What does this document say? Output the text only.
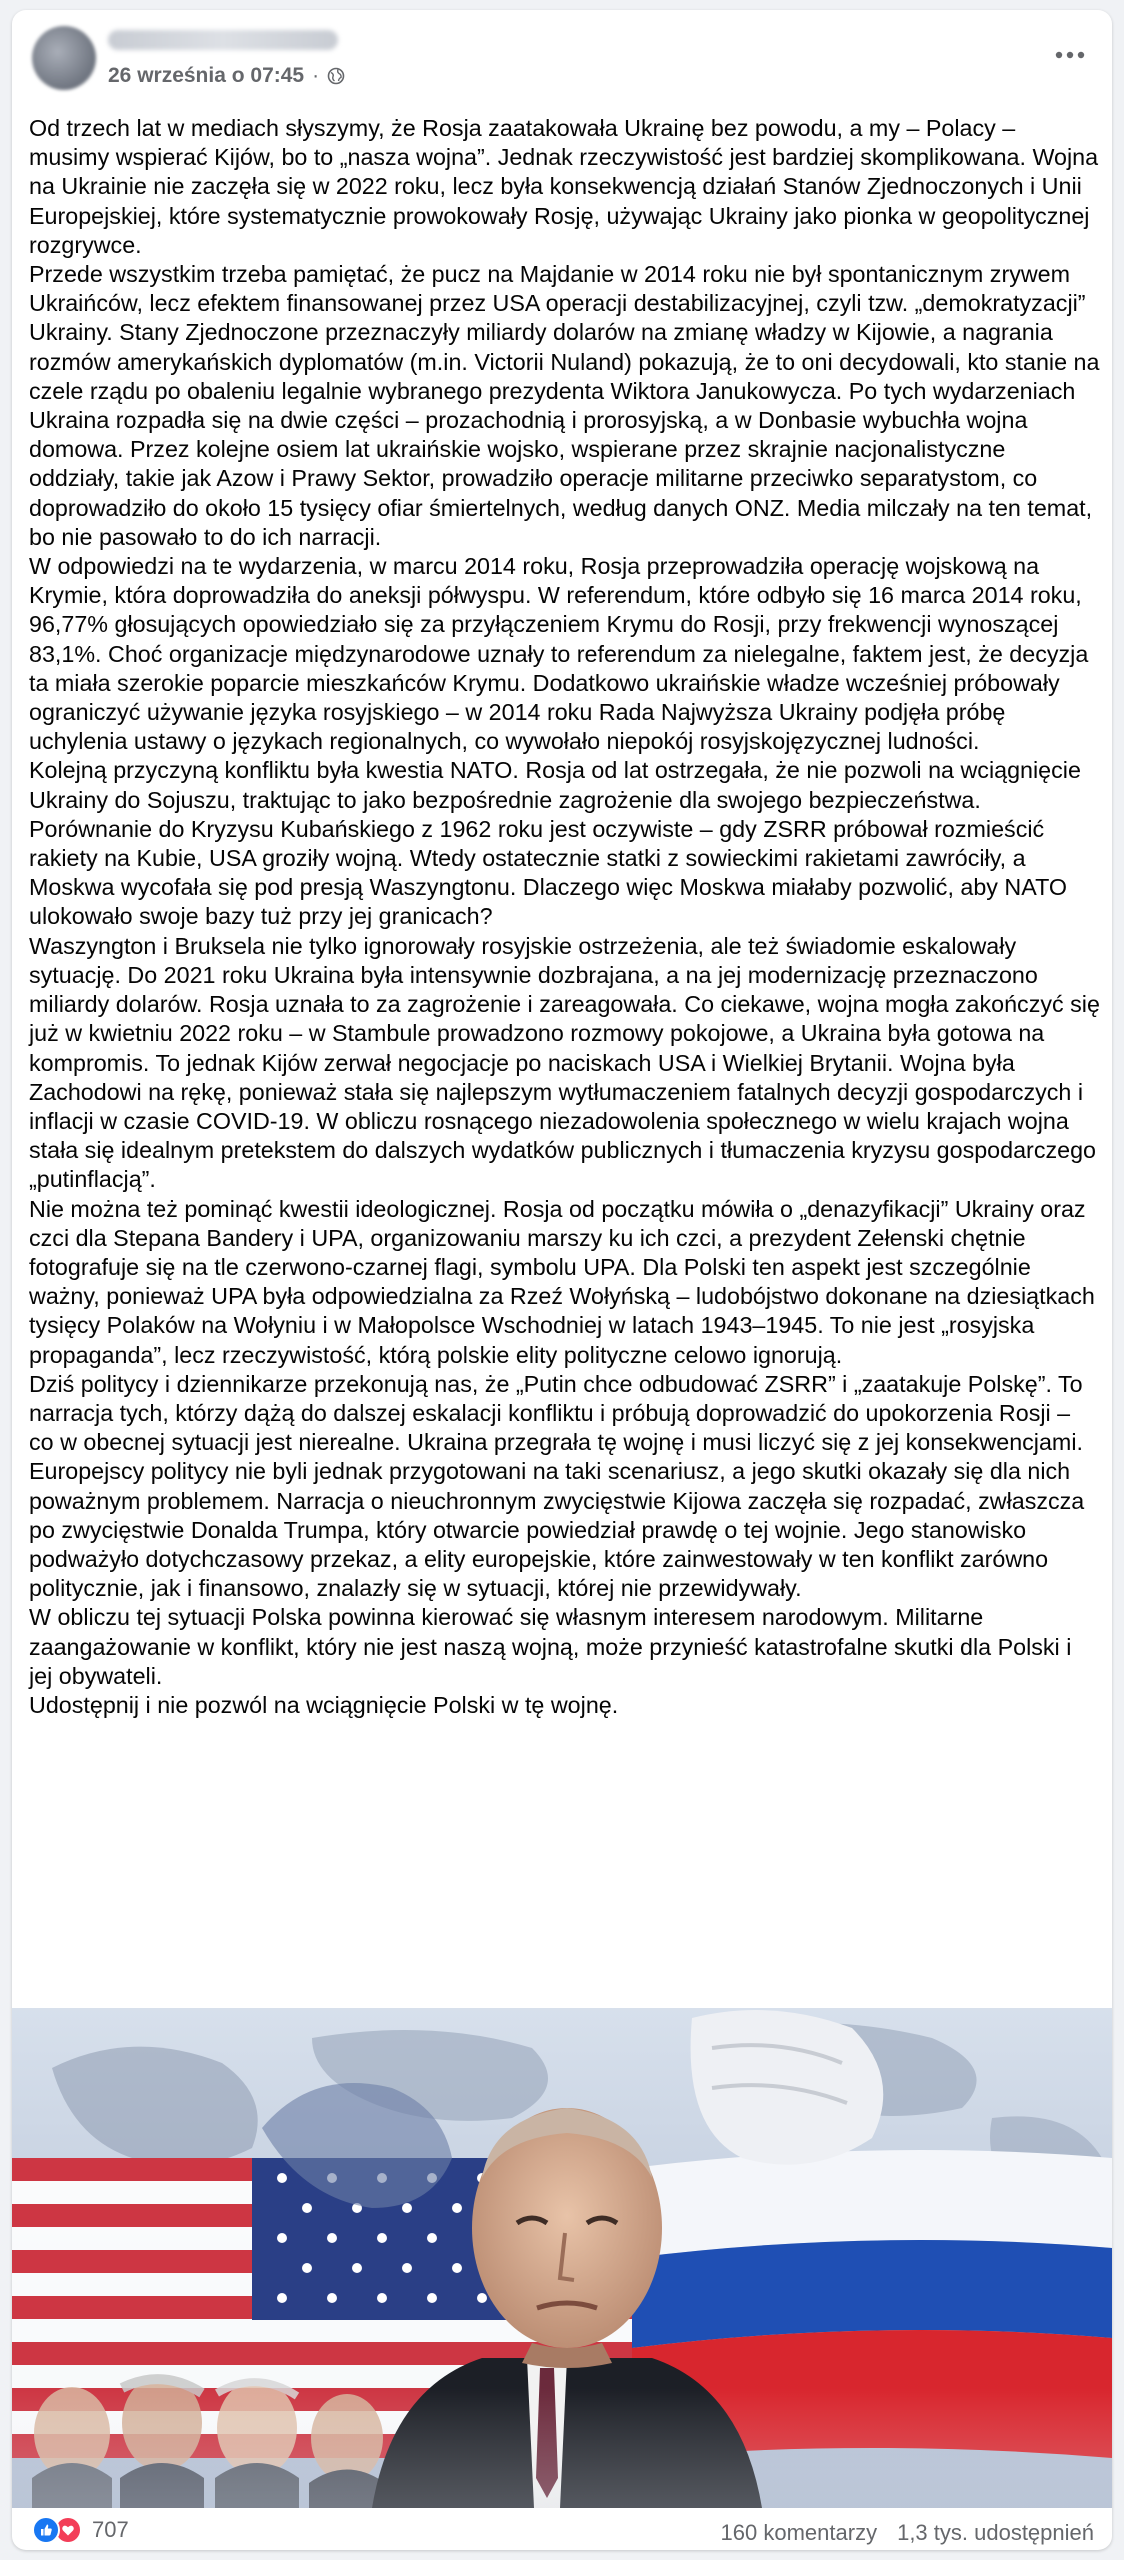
26 września o 07:45 ·

Od trzech lat w mediach słyszymy, że Rosja zaatakowała Ukrainę bez powodu, a my – Polacy – musimy wspierać Kijów, bo to „nasza wojna”. Jednak rzeczywistość jest bardziej skomplikowana. Wojna na Ukrainie nie zaczęła się w 2022 roku, lecz była konsekwencją działań Stanów Zjednoczonych i Unii Europejskiej, które systematycznie prowokowały Rosję, używając Ukrainy jako pionka w geopolitycznej rozgrywce.

Przede wszystkim trzeba pamiętać, że pucz na Majdanie w 2014 roku nie był spontanicznym zrywem Ukraińców, lecz efektem finansowanej przez USA operacji destabilizacyjnej, czyli tzw. „demokratyzacji” Ukrainy. Stany Zjednoczone przeznaczyły miliardy dolarów na zmianę władzy w Kijowie, a nagrania rozmów amerykańskich dyplomatów (m.in. Victorii Nuland) pokazują, że to oni decydowali, kto stanie na czele rządu po obaleniu legalnie wybranego prezydenta Wiktora Janukowycza. Po tych wydarzeniach Ukraina rozpadła się na dwie części – prozachodnią i prorosyjską, a w Donbasie wybuchła wojna domowa. Przez kolejne osiem lat ukraińskie wojsko, wspierane przez skrajnie nacjonalistyczne oddziały, takie jak Azow i Prawy Sektor, prowadziło operacje militarne przeciwko separatystom, co doprowadziło do około 15 tysięcy ofiar śmiertelnych, według danych ONZ. Media milczały na ten temat, bo nie pasowało to do ich narracji.

W odpowiedzi na te wydarzenia, w marcu 2014 roku, Rosja przeprowadziła operację wojskową na Krymie, która doprowadziła do aneksji półwyspu. W referendum, które odbyło się 16 marca 2014 roku, 96,77% głosujących opowiedziało się za przyłączeniem Krymu do Rosji, przy frekwencji wynoszącej 83,1%. Choć organizacje międzynarodowe uznały to referendum za nielegalne, faktem jest, że decyzja ta miała szerokie poparcie mieszkańców Krymu. Dodatkowo ukraińskie władze wcześniej próbowały ograniczyć używanie języka rosyjskiego – w 2014 roku Rada Najwyższa Ukrainy podjęła próbę uchylenia ustawy o językach regionalnych, co wywołało niepokój rosyjskojęzycznej ludności.

Kolejną przyczyną konfliktu była kwestia NATO. Rosja od lat ostrzegała, że nie pozwoli na wciągnięcie Ukrainy do Sojuszu, traktując to jako bezpośrednie zagrożenie dla swojego bezpieczeństwa. Porównanie do Kryzysu Kubańskiego z 1962 roku jest oczywiste – gdy ZSRR próbował rozmieścić rakiety na Kubie, USA groziły wojną. Wtedy ostatecznie statki z sowieckimi rakietami zawróciły, a Moskwa wycofała się pod presją Waszyngtonu. Dlaczego więc Moskwa miałaby pozwolić, aby NATO ulokowało swoje bazy tuż przy jej granicach?

Waszyngton i Bruksela nie tylko ignorowały rosyjskie ostrzeżenia, ale też świadomie eskalowały sytuację. Do 2021 roku Ukraina była intensywnie dozbrajana, a na jej modernizację przeznaczono miliardy dolarów. Rosja uznała to za zagrożenie i zareagowała. Co ciekawe, wojna mogła zakończyć się już w kwietniu 2022 roku – w Stambule prowadzono rozmowy pokojowe, a Ukraina była gotowa na kompromis. To jednak Kijów zerwał negocjacje po naciskach USA i Wielkiej Brytanii. Wojna była Zachodowi na rękę, ponieważ stała się najlepszym wytłumaczeniem fatalnych decyzji gospodarczych i inflacji w czasie COVID-19. W obliczu rosnącego niezadowolenia społecznego w wielu krajach wojna stała się idealnym pretekstem do dalszych wydatków publicznych i tłumaczenia kryzysu gospodarczego „putinflacją”.

Nie można też pominąć kwestii ideologicznej. Rosja od początku mówiła o „denazyfikacji” Ukrainy oraz czci dla Stepana Bandery i UPA, organizowaniu marszy ku ich czci, a prezydent Zełenski chętnie fotografuje się na tle czerwono-czarnej flagi, symbolu UPA. Dla Polski ten aspekt jest szczególnie ważny, ponieważ UPA była odpowiedzialna za Rzeź Wołyńską – ludobójstwo dokonane na dziesiątkach tysięcy Polaków na Wołyniu i w Małopolsce Wschodniej w latach 1943–1945. To nie jest „rosyjska propaganda”, lecz rzeczywistość, którą polskie elity polityczne celowo ignorują.

Dziś politycy i dziennikarze przekonują nas, że „Putin chce odbudować ZSRR” i „zaatakuje Polskę”. To narracja tych, którzy dążą do dalszej eskalacji konfliktu i próbują doprowadzić do upokorzenia Rosji – co w obecnej sytuacji jest nierealne. Ukraina przegrała tę wojnę i musi liczyć się z jej konsekwencjami. Europejscy politycy nie byli jednak przygotowani na taki scenariusz, a jego skutki okazały się dla nich poważnym problemem. Narracja o nieuchronnym zwycięstwie Kijowa zaczęła się rozpadać, zwłaszcza po zwycięstwie Donalda Trumpa, który otwarcie powiedział prawdę o tej wojnie. Jego stanowisko podważyło dotychczasowy przekaz, a elity europejskie, które zainwestowały w ten konflikt zarówno politycznie, jak i finansowo, znalazły się w sytuacji, której nie przewidywały.

W obliczu tej sytuacji Polska powinna kierować się własnym interesem narodowym. Militarne zaangażowanie w konflikt, który nie jest naszą wojną, może przynieść katastrofalne skutki dla Polski i jej obywateli.

Udostępnij i nie pozwól na wciągnięcie Polski w tę wojnę.

707	160 komentarzy 1,3 tys. udostępnień
